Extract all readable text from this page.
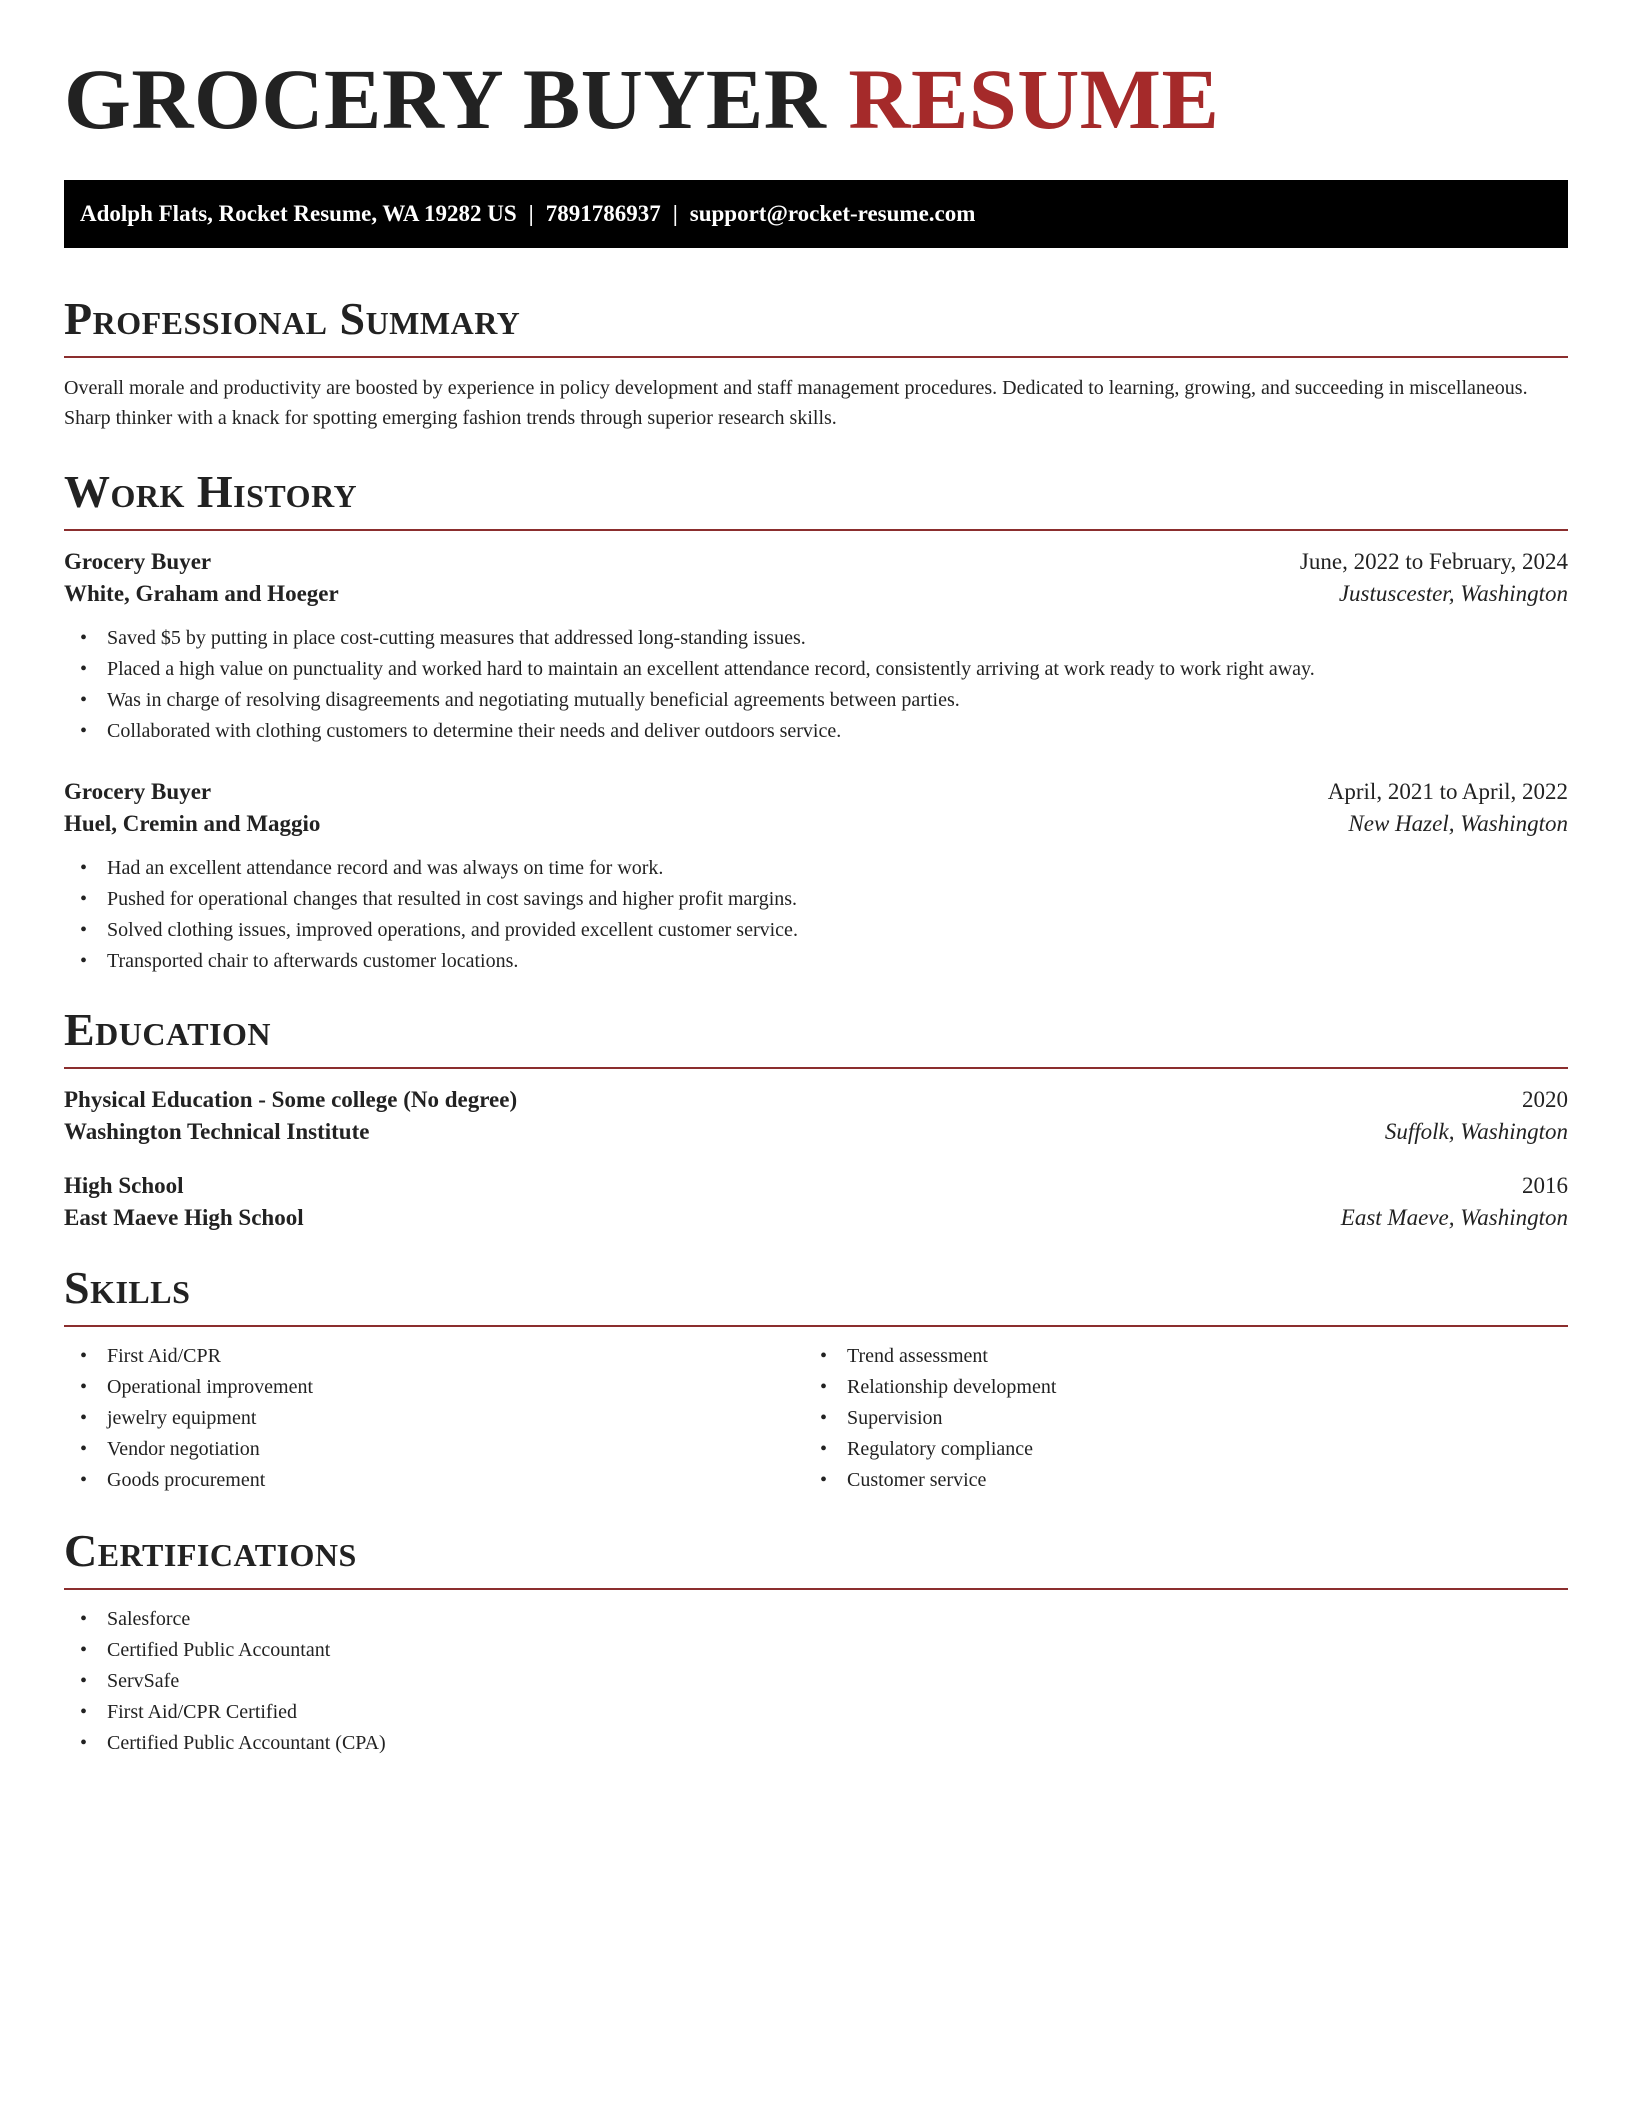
GROCERY BUYER RESUME
Adolph Flats, Rocket Resume, WA 19282 US | 7891786937 | support@rocket-resume.com
Professional Summary

Overall morale and productivity are boosted by experience in policy development and staff management procedures. Dedicated to learning, growing, and succeeding in miscellaneous. Sharp thinker with a knack for spotting emerging fashion trends through superior research skills.

Work History
Grocery Buyer	June, 2022 to February, 2024
White, Graham and Hoeger	Justuscester, Washington
• Saved $5 by putting in place cost-cutting measures that addressed long-standing issues.
• Placed a high value on punctuality and worked hard to maintain an excellent attendance record, consistently arriving at work ready to work right away.
• Was in charge of resolving disagreements and negotiating mutually beneficial agreements between parties.
• Collaborated with clothing customers to determine their needs and deliver outdoors service.
Grocery Buyer	April, 2021 to April, 2022
Huel, Cremin and Maggio	New Hazel, Washington
• Had an excellent attendance record and was always on time for work.
• Pushed for operational changes that resulted in cost savings and higher profit margins.
• Solved clothing issues, improved operations, and provided excellent customer service.
• Transported chair to afterwards customer locations.
Education
Physical Education - Some college (No degree)	2020
Washington Technical Institute	Suffolk, Washington
High School	2016
East Maeve High School	East Maeve, Washington
Skills
• First Aid/CPR
• Operational improvement
• jewelry equipment
• Vendor negotiation
• Goods procurement
• Trend assessment
• Relationship development
• Supervision
• Regulatory compliance
• Customer service
Certifications
• Salesforce
• Certified Public Accountant
• ServSafe
• First Aid/CPR Certified
• Certified Public Accountant (CPA)
